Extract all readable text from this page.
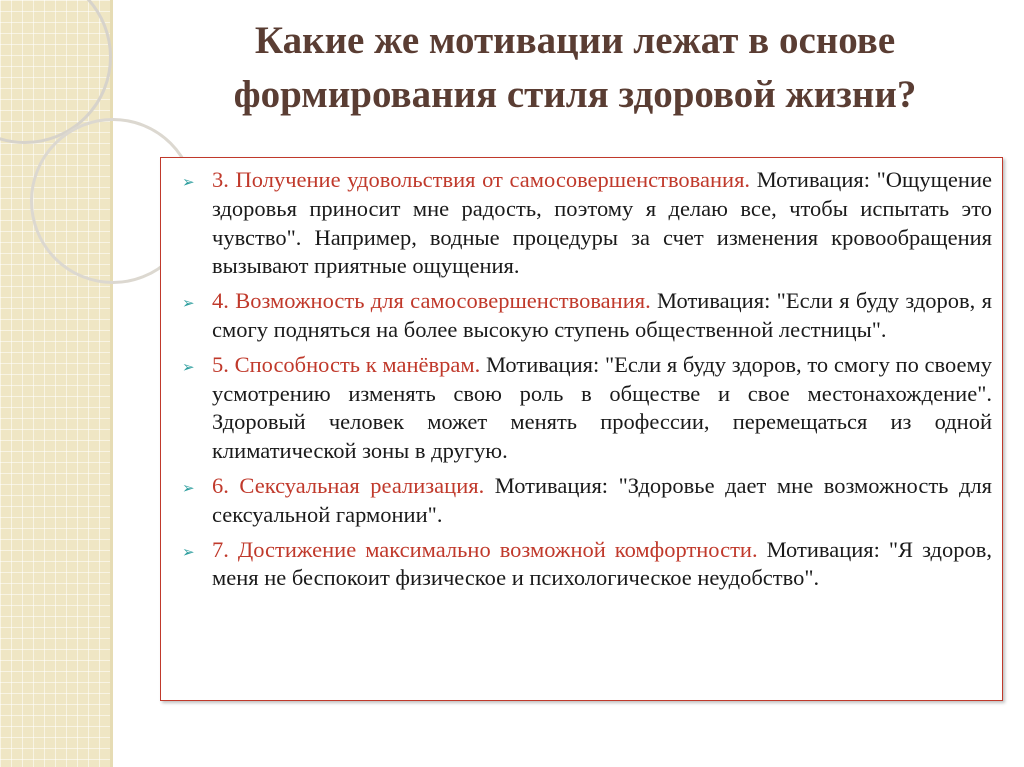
Какие же мотивации лежат в основе формирования стиля здоровой жизни?
➢ 3. Получение удовольствия от самосовершенствования. Мотивация: "Ощущение здоровья приносит мне радость, поэтому я делаю все, чтобы испытать это чувство". Например, водные процедуры за счет изменения кровообращения вызывают приятные ощущения.
➢ 4. Возможность для самосовершенствования. Мотивация: "Если я буду здоров, я смогу подняться на более высокую ступень общественной лестницы".
➢ 5. Способность к манёврам. Мотивация: "Если я буду здоров, то смогу по своему усмотрению изменять свою роль в обществе и свое местонахождение". Здоровый человек может менять профессии, перемещаться из одной климатической зоны в другую.
➢ 6. Сексуальная реализация. Мотивация: "Здоровье дает мне возможность для сексуальной гармонии".
➢ 7. Достижение максимально возможной комфортности. Мотивация: "Я здоров, меня не беспокоит физическое и психологическое неудобство".
